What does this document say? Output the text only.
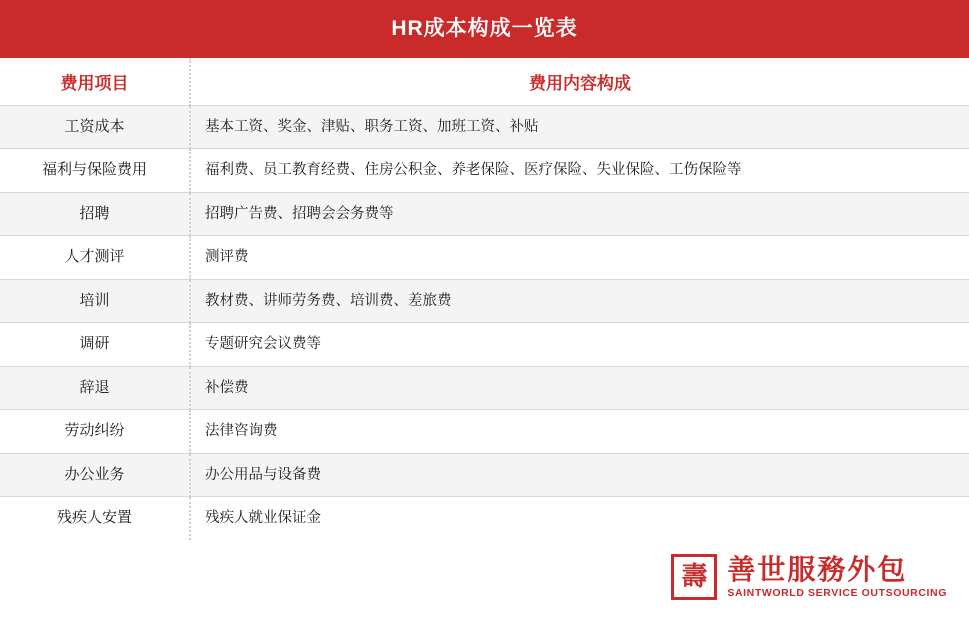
HR成本构成一览表
费用项目	费用内容构成
工资成本	基本工资、奖金、津贴、职务工资、加班工资、补贴
福利与保险费用	福利费、员工教育经费、住房公积金、养老保险、医疗保险、失业保险、工伤保险等
招聘	招聘广告费、招聘会会务费等
人才测评	测评费
培训	教材费、讲师劳务费、培训费、差旅费
调研	专题研究会议费等
辞退	补偿费
劳动纠纷	法律咨询费
办公业务	办公用品与设备费
残疾人安置	残疾人就业保证金
壽 善世服務外包
SAINTWORLD SERVICE OUTSOURCING
